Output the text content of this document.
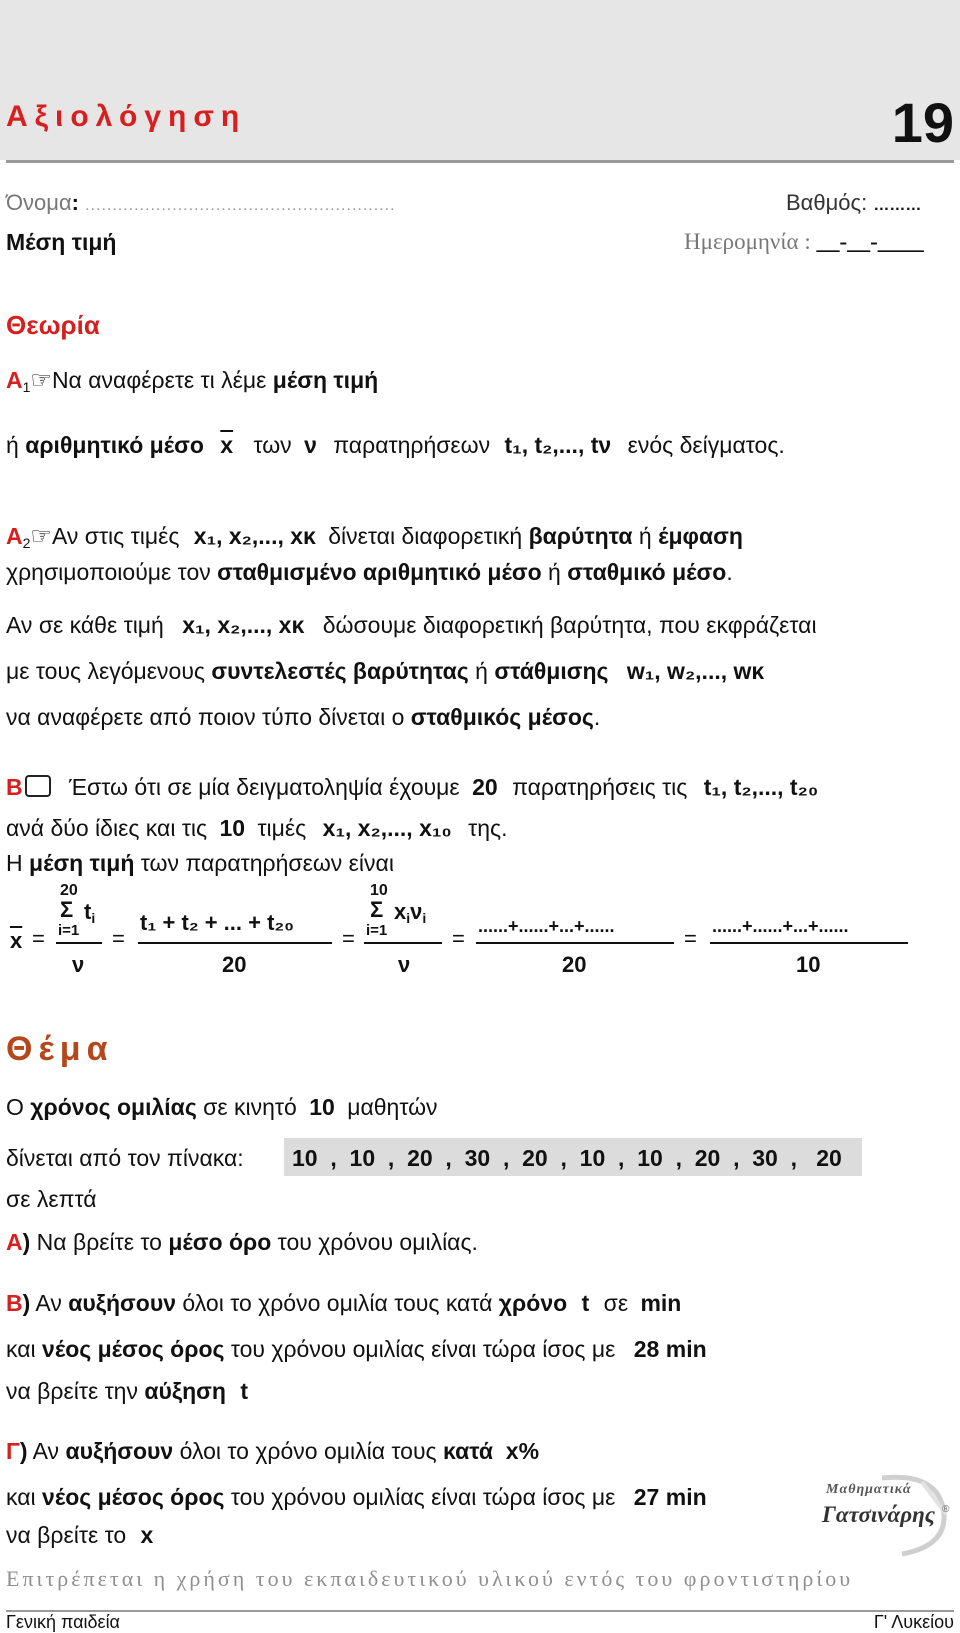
Αξιολόγηση	19
Όνομα: .........................................................	Βαθμός: ………
Μέση τιμή	Ημερομηνία : __-__-____
Θεωρία
$A_1☞N\alpha$ αναφέρετε τι λέμε μέση τιμή
ή αριθμητικό μέσο $\overline{x}$ των ν παρατηρήσεων t₁, t₂,..., tν ενός δείγματος.
$A_2☞A\nu$ στις τιμές x₁, x₂,..., xκ δίνεται διαφορετική βαρύτητα ή έμφαση
χρησιμοποιούμε τον σταθμισμένο αριθμητικό μέσο ή σταθμικό μέσο.
Αν σε κάθε τιμή x₁, x₂,..., xκ δώσουμε διαφορετική βαρύτητα, που εκφράζεται
με τους λεγόμενους συντελεστές βαρύτητας ή στάθμισης w₁, w₂,..., wκ
να αναφέρετε από ποιον τύπο δίνεται ο σταθμικός μέσος.
Β Έστω ότι σε μία δειγματοληψία έχουμε 20 παρατηρήσεις τις t₁, t₂,..., t₂₀
ανά δύο ίδιες και τις 10 τιμές x₁, x₂,..., x₁₀ της.
Η μέση τιμή των παρατηρήσεων είναι
$\overline{x}$ =
20
Σ $t_i$
i=1
ν
=
t₁ + t₂ + ... + t₂₀
20
=
10
Σ $x_i\nu_i$
i=1
ν
= ......+......+...+......
20
= ......+......+...+......
10
Θέμα
Ο χρόνος ομιλίας σε κινητό 10 μαθητών
δίνεται από τον πίνακα: 10  ,  10  ,  20  ,  30  ,  20  ,  10  ,  10  ,  20  ,  30  ,   20
σε λεπτά
Α) Να βρείτε το μέσο όρο του χρόνου ομιλίας.
Β) Αν αυξήσουν όλοι το χρόνο ομιλία τους κατά χρόνο t σε min
και νέος μέσος όρος του χρόνου ομιλίας είναι τώρα ίσος με 28 min
να βρείτε την αύξηση t
Γ) Αν αυξήσουν όλοι το χρόνο ομιλία τους κατά  x%
και νέος μέσος όρος του χρόνου ομιλίας είναι τώρα ίσος με 27 min
να βρείτε το x
Μαθηματικά
Γατσινάρης ®
Επιτρέπεται η χρήση του εκπαιδευτικού υλικού εντός του φροντιστηρίου
Γενική παιδεία	Γ' Λυκείου
